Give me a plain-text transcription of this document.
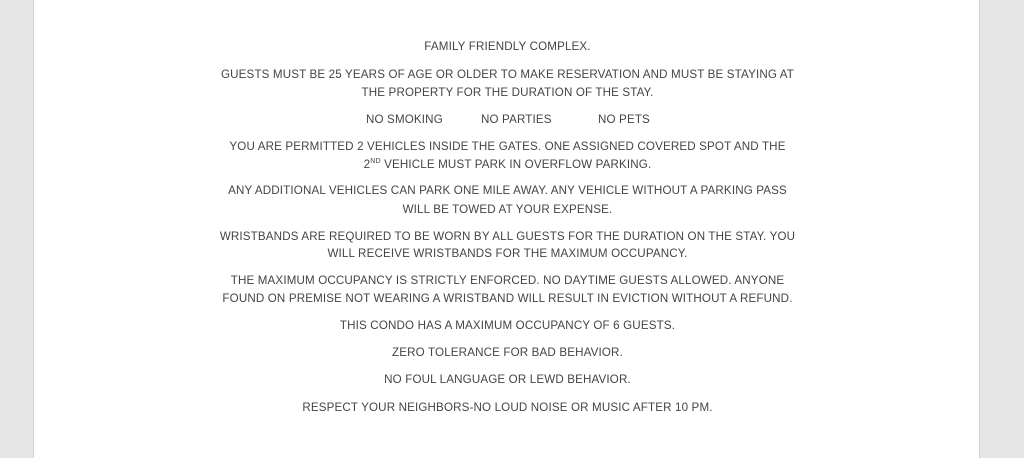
FAMILY FRIENDLY COMPLEX.
GUESTS MUST BE 25 YEARS OF AGE OR OLDER TO MAKE RESERVATION AND MUST BE STAYING AT
THE PROPERTY FOR THE DURATION OF THE STAY.
NO SMOKING	NO PARTIES	NO PETS
YOU ARE PERMITTED 2 VEHICLES INSIDE THE GATES. ONE ASSIGNED COVERED SPOT AND THE
2ND VEHICLE MUST PARK IN OVERFLOW PARKING.
ANY ADDITIONAL VEHICLES CAN PARK ONE MILE AWAY. ANY VEHICLE WITHOUT A PARKING PASS
WILL BE TOWED AT YOUR EXPENSE.
WRISTBANDS ARE REQUIRED TO BE WORN BY ALL GUESTS FOR THE DURATION ON THE STAY. YOU
WILL RECEIVE WRISTBANDS FOR THE MAXIMUM OCCUPANCY.
THE MAXIMUM OCCUPANCY IS STRICTLY ENFORCED. NO DAYTIME GUESTS ALLOWED. ANYONE
FOUND ON PREMISE NOT WEARING A WRISTBAND WILL RESULT IN EVICTION WITHOUT A REFUND.
THIS CONDO HAS A MAXIMUM OCCUPANCY OF 6 GUESTS.
ZERO TOLERANCE FOR BAD BEHAVIOR.
NO FOUL LANGUAGE OR LEWD BEHAVIOR.
RESPECT YOUR NEIGHBORS-NO LOUD NOISE OR MUSIC AFTER 10 PM.
